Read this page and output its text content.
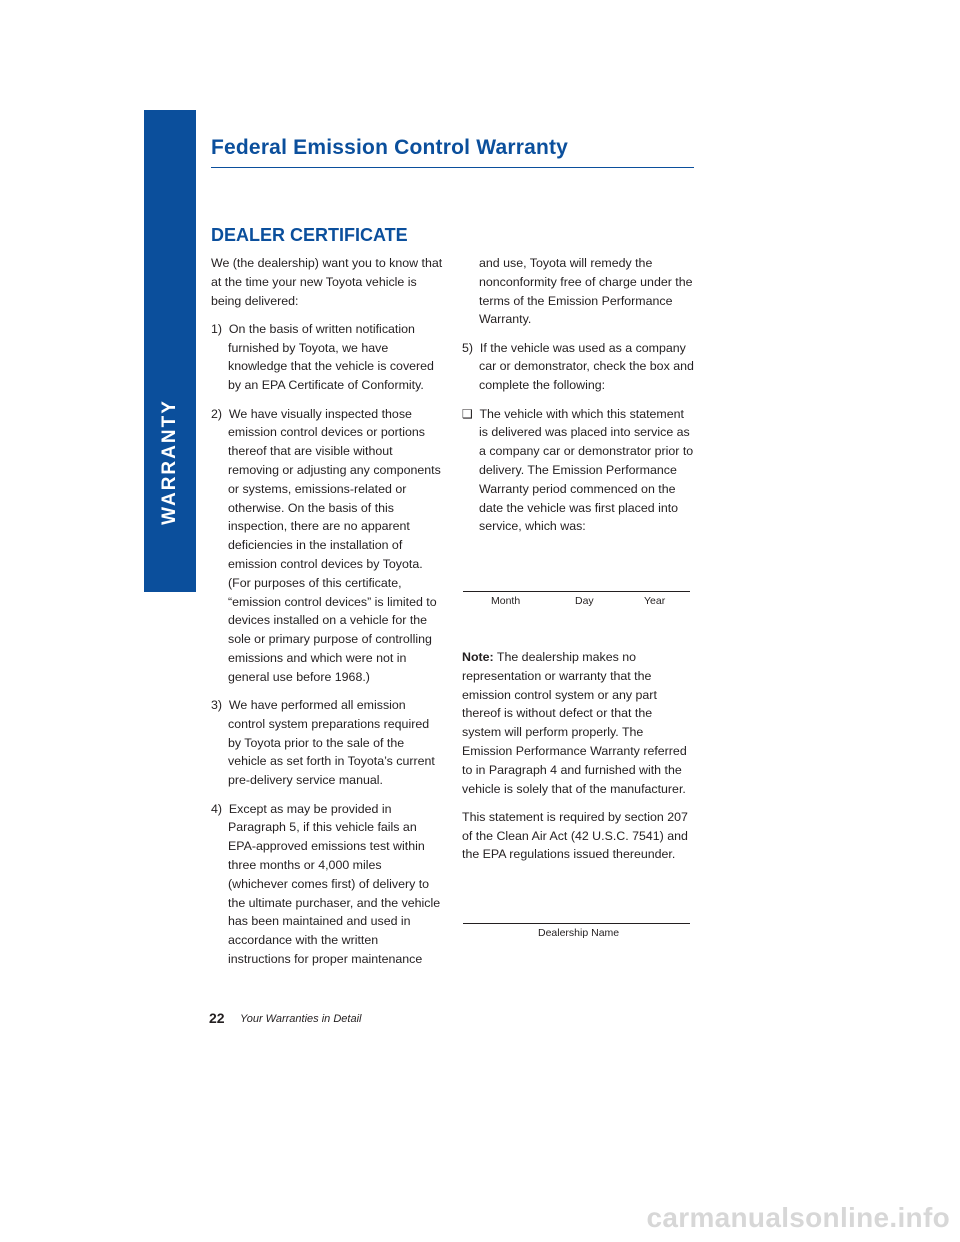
WARRANTY
Federal Emission Control Warranty
DEALER CERTIFICATE

We (the dealership) want you to know that at the time your new Toyota vehicle is being delivered:

1) On the basis of written notification furnished by Toyota, we have knowledge that the vehicle is covered by an EPA Certificate of Conformity.

2) We have visually inspected those emission control devices or portions thereof that are visible without removing or adjusting any components or systems, emissions-related or otherwise. On the basis of this inspection, there are no apparent deficiencies in the installation of emission control devices by Toyota. (For purposes of this certificate, “emission control devices” is limited to devices installed on a vehicle for the sole or primary purpose of controlling emissions and which were not in general use before 1968.)

3) We have performed all emission control system preparations required by Toyota prior to the sale of the vehicle as set forth in Toyota’s current pre-delivery service manual.

4) Except as may be provided in Paragraph 5, if this vehicle fails an EPA-approved emissions test within three months or 4,000 miles (whichever comes first) of delivery to the ultimate purchaser, and the vehicle has been maintained and used in accordance with the written instructions for proper maintenance

and use, Toyota will remedy the nonconformity free of charge under the terms of the Emission Performance Warranty.

5) If the vehicle was used as a company car or demonstrator, check the box and complete the following:

❑ The vehicle with which this statement is delivered was placed into service as a company car or demonstrator prior to delivery. The Emission Performance Warranty period commenced on the date the vehicle was first placed into service, which was:

Month	Day	Year

Note: The dealership makes no representation or warranty that the emission control system or any part thereof is without defect or that the system will perform properly. The Emission Performance Warranty referred to in Paragraph 4 and furnished with the vehicle is solely that of the manufacturer.

This statement is required by section 207 of the Clean Air Act (42 U.S.C. 7541) and the EPA regulations issued thereunder.

Dealership Name
22 Your Warranties in Detail
carmanualsonline.info
